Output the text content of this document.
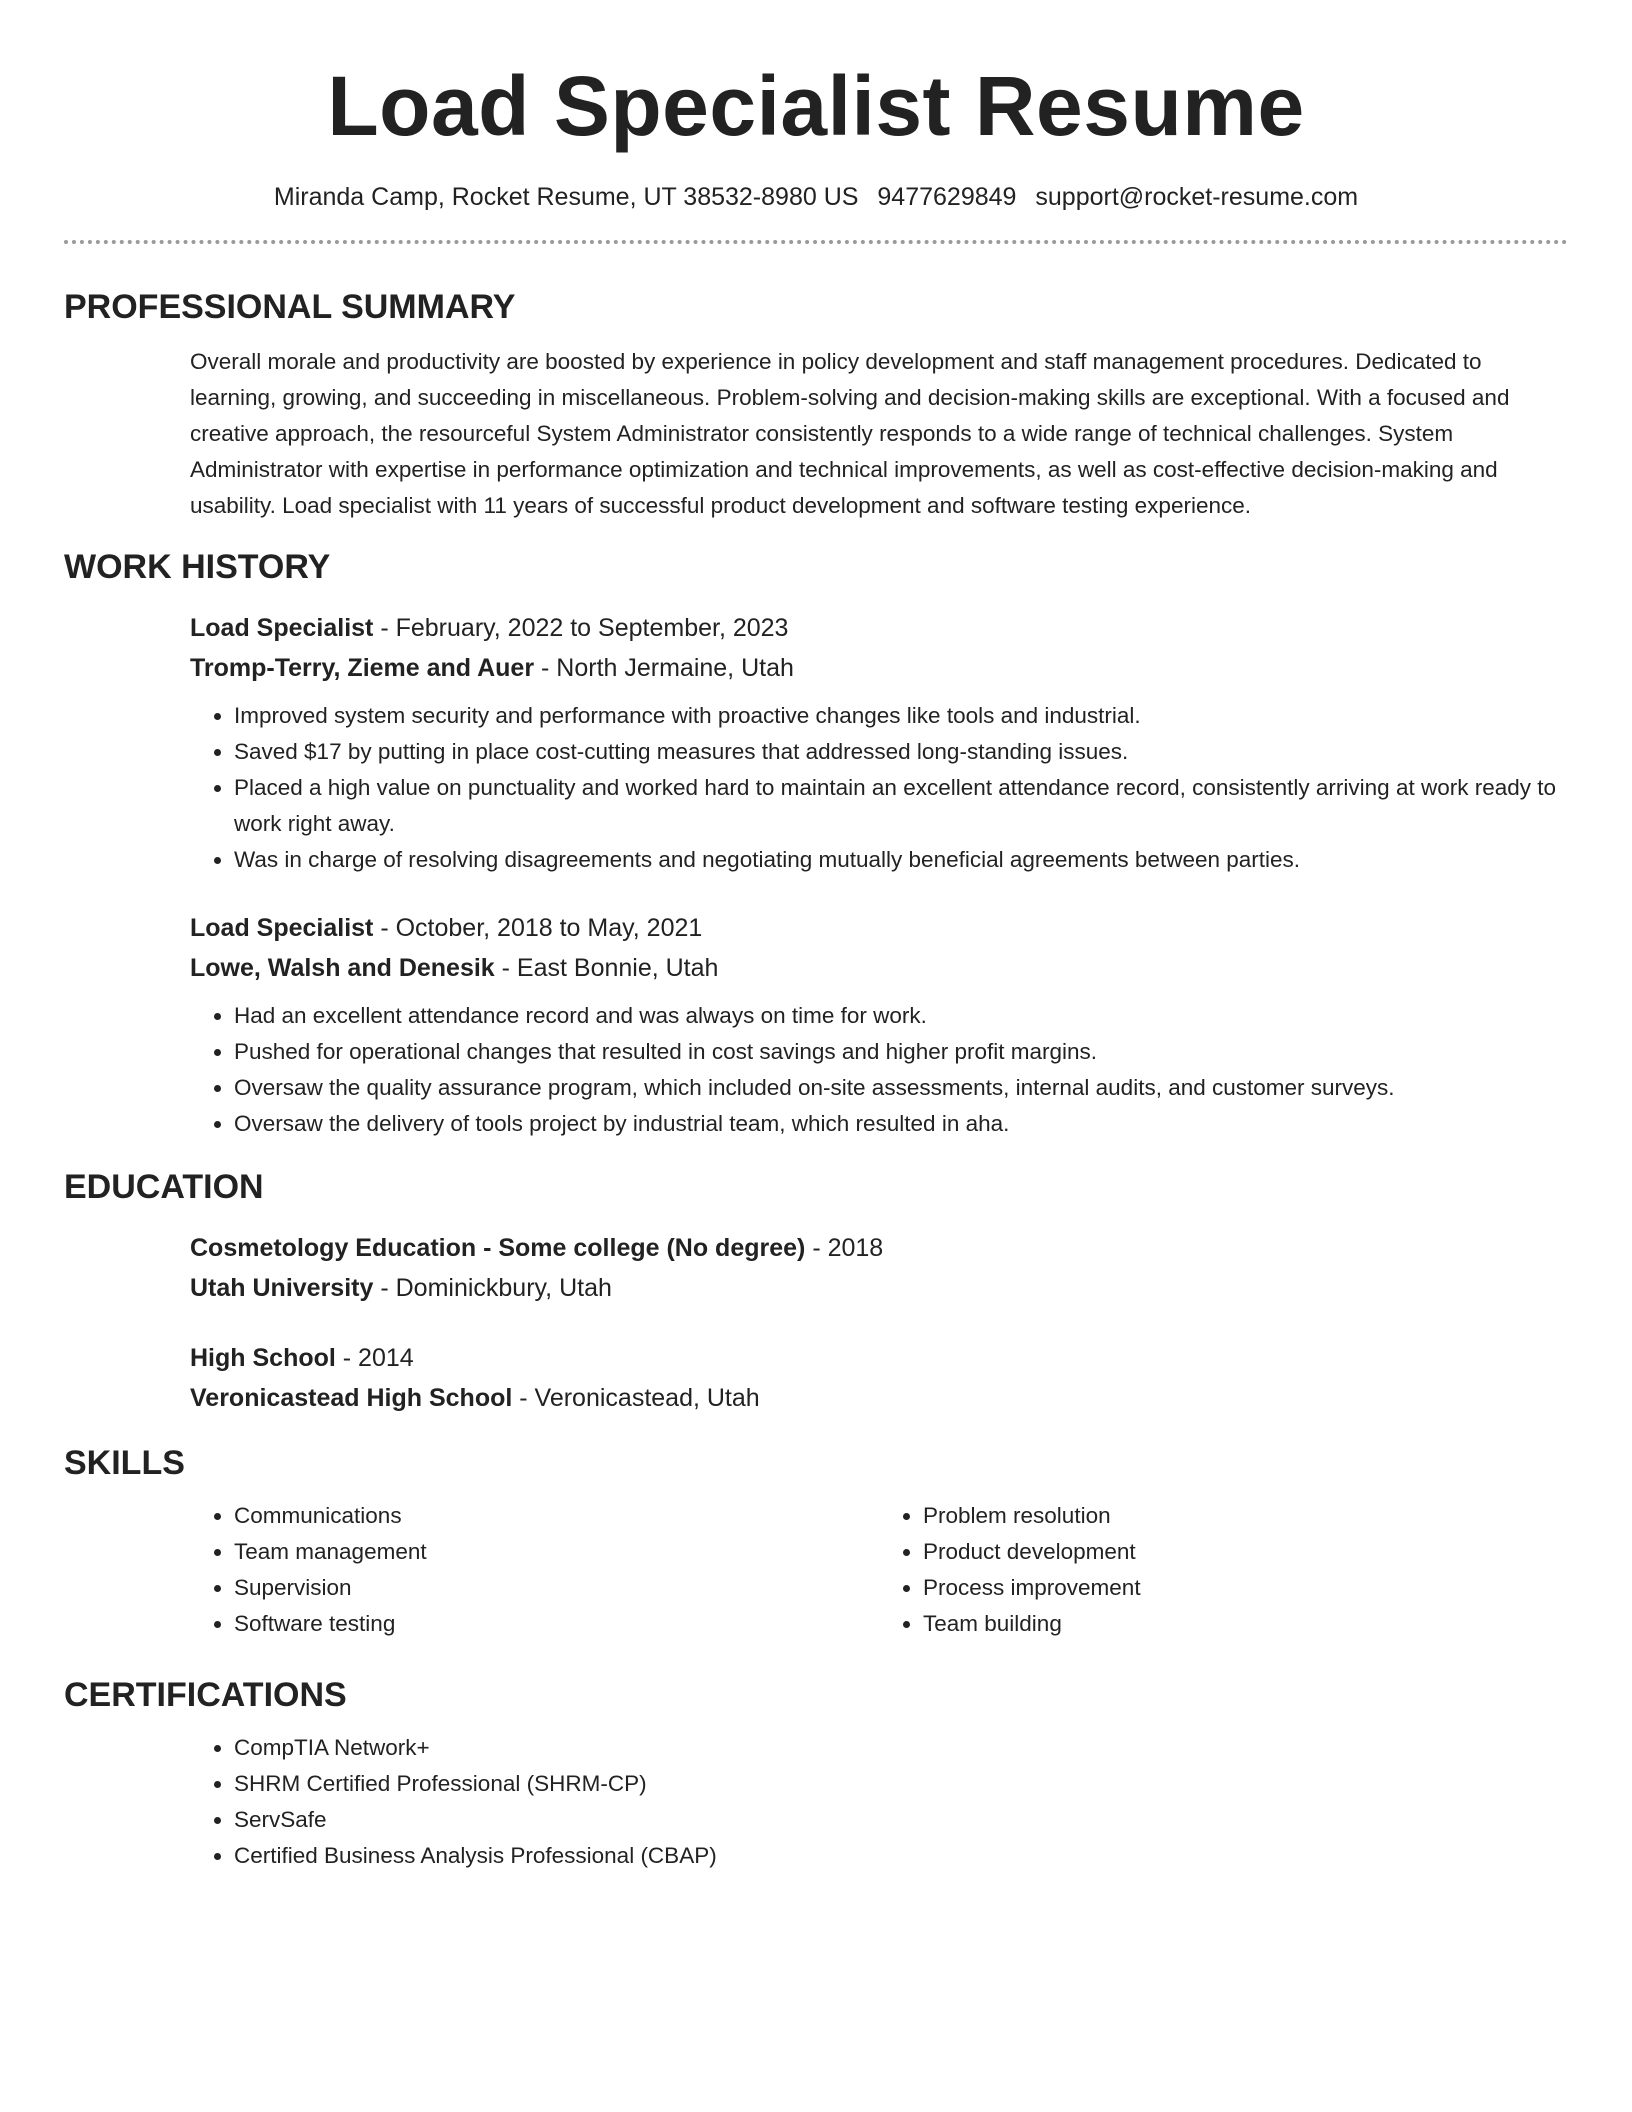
Load Specialist Resume
Miranda Camp, Rocket Resume, UT 38532-8980 US 9477629849 support@rocket-resume.com
PROFESSIONAL SUMMARY

Overall morale and productivity are boosted by experience in policy development and staff management procedures. Dedicated to learning, growing, and succeeding in miscellaneous. Problem-solving and decision-making skills are exceptional. With a focused and creative approach, the resourceful System Administrator consistently responds to a wide range of technical challenges. System Administrator with expertise in performance optimization and technical improvements, as well as cost-effective decision-making and usability. Load specialist with 11 years of successful product development and software testing experience.

WORK HISTORY

Load Specialist - February, 2022 to September, 2023

Tromp-Terry, Zieme and Auer - North Jermaine, Utah

• Improved system security and performance with proactive changes like tools and industrial.
• Saved $17 by putting in place cost-cutting measures that addressed long-standing issues.
• Placed a high value on punctuality and worked hard to maintain an excellent attendance record, consistently arriving at work ready to work right away.
• Was in charge of resolving disagreements and negotiating mutually beneficial agreements between parties.

Load Specialist - October, 2018 to May, 2021

Lowe, Walsh and Denesik - East Bonnie, Utah

• Had an excellent attendance record and was always on time for work.
• Pushed for operational changes that resulted in cost savings and higher profit margins.
• Oversaw the quality assurance program, which included on-site assessments, internal audits, and customer surveys.
• Oversaw the delivery of tools project by industrial team, which resulted in aha.
EDUCATION

Cosmetology Education - Some college (No degree) - 2018

Utah University - Dominickbury, Utah

High School - 2014

Veronicastead High School - Veronicastead, Utah

SKILLS
• Communications
• Team management
• Supervision
• Software testing
• Problem resolution
• Product development
• Process improvement
• Team building
CERTIFICATIONS
• CompTIA Network+
• SHRM Certified Professional (SHRM-CP)
• ServSafe
• Certified Business Analysis Professional (CBAP)
